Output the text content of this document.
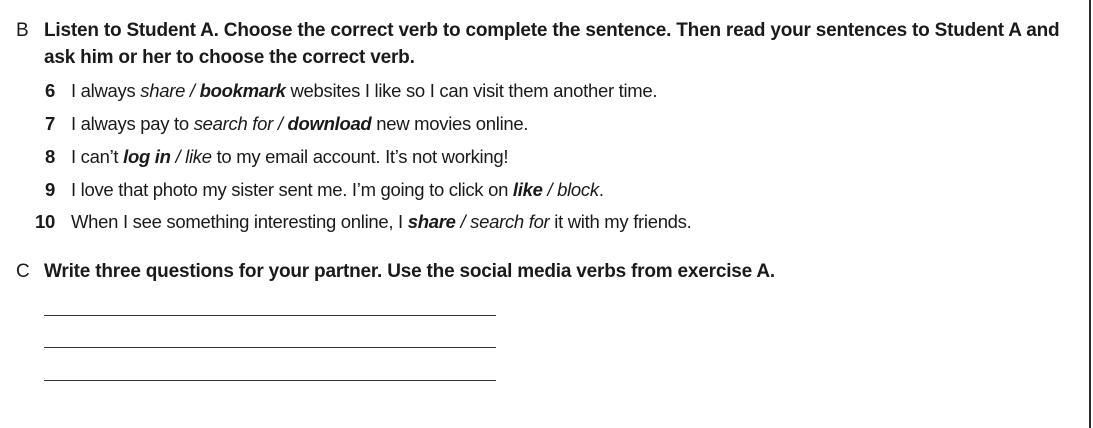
B Listen to Student A. Choose the correct verb to complete the sentence. Then read your sentences to Student A and ask him or her to choose the correct verb.
6 I always share / bookmark websites I like so I can visit them another time.
7 I always pay to search for / download new movies online.
8 I can’t log in / like to my email account. It’s not working!
9 I love that photo my sister sent me. I’m going to click on like / block.
10 When I see something interesting online, I share / search for it with my friends.
C Write three questions for your partner. Use the social media verbs from exercise A.
